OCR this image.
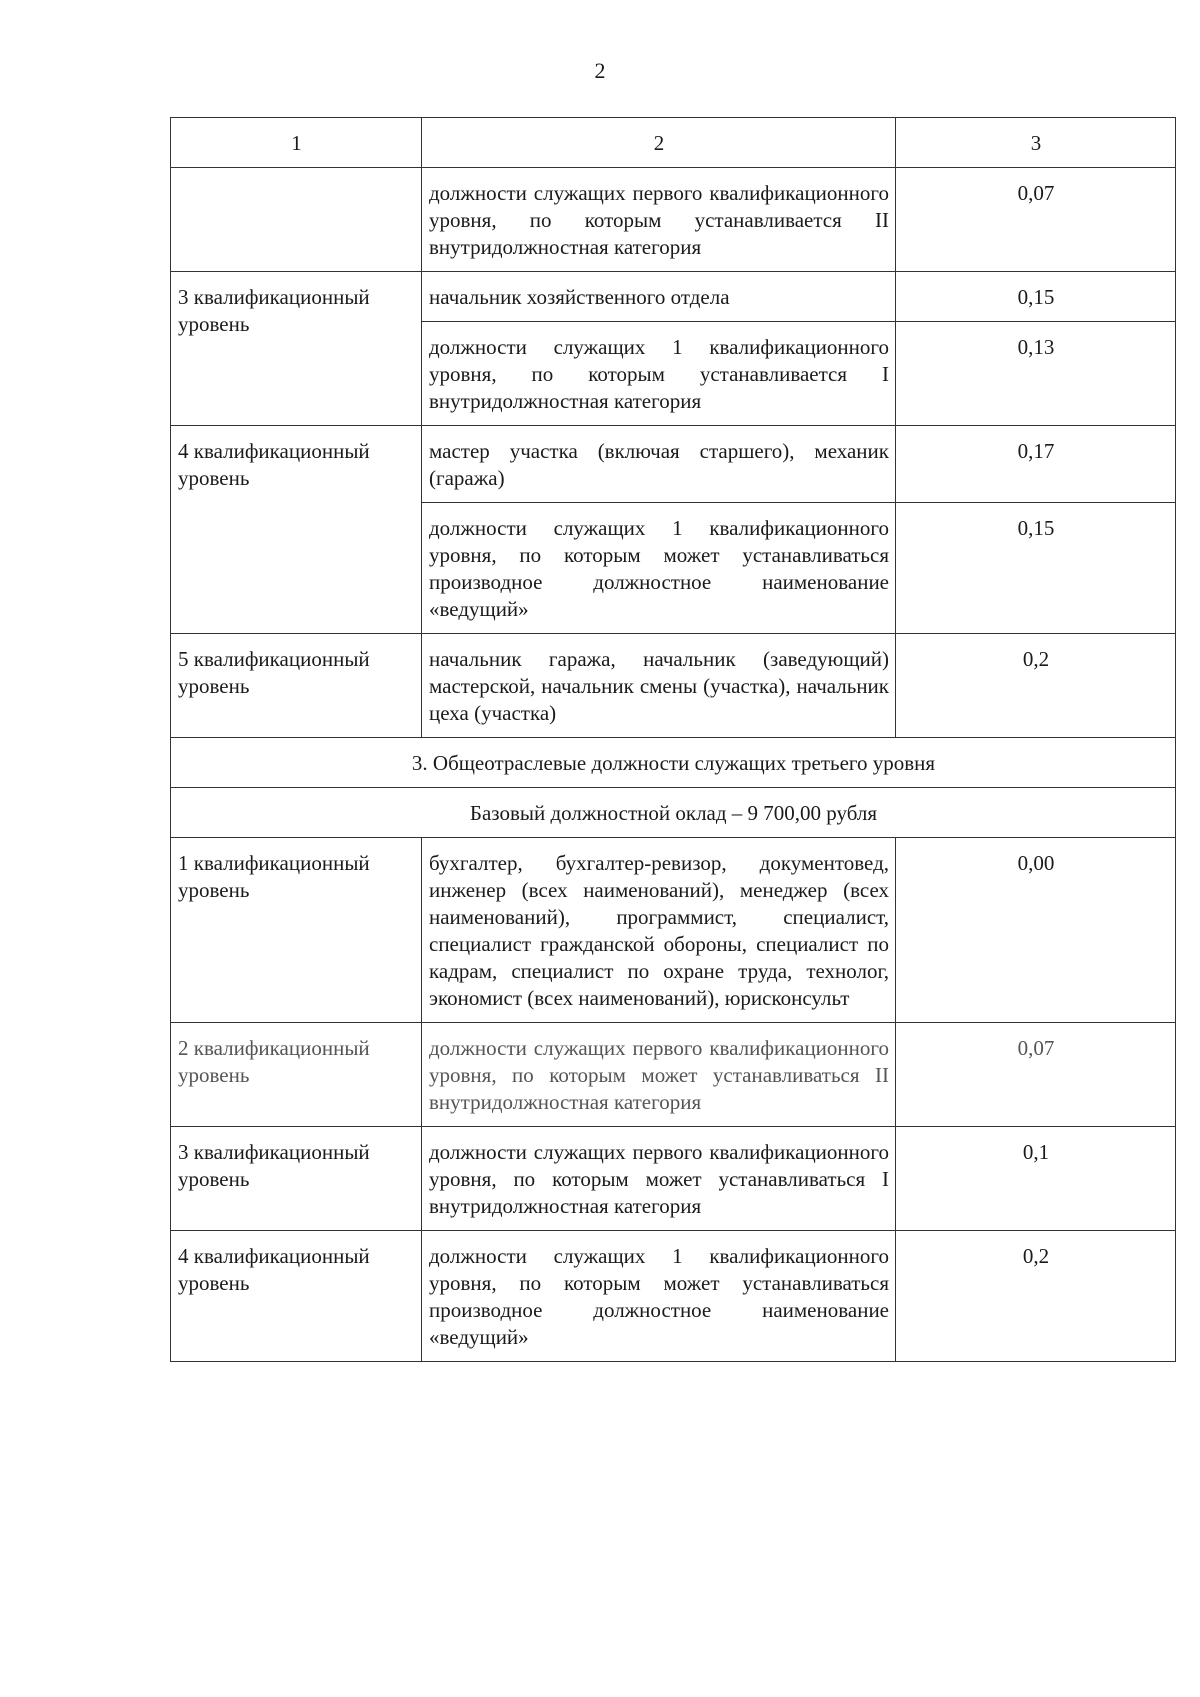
2
1	2	3
	должности служащих первого квалификационного уровня, по которым устанавливается II внутридолжностная категория	0,07
3 квалификационный уровень	начальник хозяйственного отдела	0,15
	должности служащих 1 квалификационного уровня, по которым устанавливается I внутридолжностная категория	0,13
4 квалификационный уровень	мастер участка (включая старшего), механик (гаража)	0,17
	должности служащих 1 квалификационного уровня, по которым может устанавливаться производное должностное наименование «ведущий»	0,15
5 квалификационный уровень	начальник гаража, начальник (заведующий) мастерской, начальник смены (участка), начальник цеха (участка)	0,2
3. Общеотраслевые должности служащих третьего уровня		
Базовый должностной оклад – 9 700,00 рубля		
1 квалификационный уровень	бухгалтер, бухгалтер-ревизор, документовед, инженер (всех наименований), менеджер (всех наименований), программист, специалист, специалист гражданской обороны, специалист по кадрам, специалист по охране труда, технолог, экономист (всех наименований), юрисконсульт	0,00
2 квалификационный уровень	должности служащих первого квалификационного уровня, по которым может устанавливаться II внутридолжностная категория	0,07
3 квалификационный уровень	должности служащих первого квалификационного уровня, по которым может устанавливаться I внутридолжностная категория	0,1
4 квалификационный уровень	должности служащих 1 квалификационного уровня, по которым может устанавливаться производное должностное наименование «ведущий»	0,2
